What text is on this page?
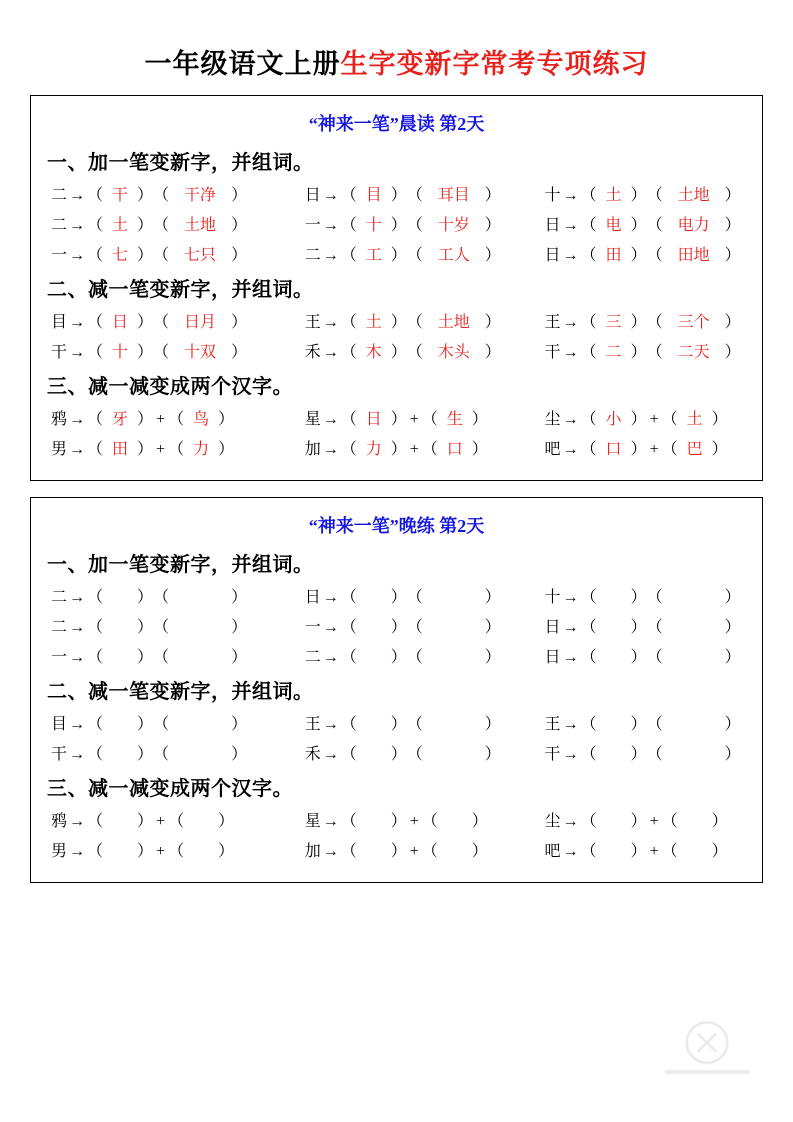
一年级语文上册生字变新字常考专项练习
“神来一笔”晨读 第2天
一、加一笔变新字，并组词。
二 → （ 干 ） （ 干净 ）	日 → （ 目 ） （ 耳目 ）	十 → （ 土 ） （ 土地 ）
二 → （ 土 ） （ 土地 ）	一 → （ 十 ） （ 十岁 ）	日 → （ 电 ） （ 电力 ）
一 → （ 七 ） （ 七只 ）	二 → （ 工 ） （ 工人 ）	日 → （ 田 ） （ 田地 ）
二、减一笔变新字，并组词。
目 → （ 日 ） （ 日月 ）	王 → （ 土 ） （ 土地 ）	王 → （ 三 ） （ 三个 ）
干 → （ 十 ） （ 十双 ）	禾 → （ 木 ） （ 木头 ）	干 → （ 二 ） （ 二天 ）
三、减一减变成两个汉字。
鸦 → （ 牙 ） + （ 鸟 ）	星 → （ 日 ） + （ 生 ）	尘 → （ 小 ） + （ 土 ）
男 → （ 田 ） + （ 力 ）	加 → （ 力 ） + （ 口 ）	吧 → （ 口 ） + （ 巴 ）
“神来一笔”晚练 第2天
一、加一笔变新字，并组词。
二 → （ ） （	）	日 → （ ） （	）	十 → （ ） （	）
二 → （ ） （	）	一 → （ ） （	）	日 → （ ） （	）
一 → （ ） （	）	二 → （ ） （	）	日 → （ ） （	）
二、减一笔变新字，并组词。
目 → （ ） （	）	王 → （ ） （	）	王 → （ ） （	）
干 → （ ） （	）	禾 → （ ） （	）	干 → （ ） （	）
三、减一减变成两个汉字。
鸦 → （ ） + （ ）	星 → （ ） + （ ）	尘 → （ ） + （ ）
男 → （ ） + （ ）	加 → （ ） + （ ）	吧 → （ ） + （ ）
